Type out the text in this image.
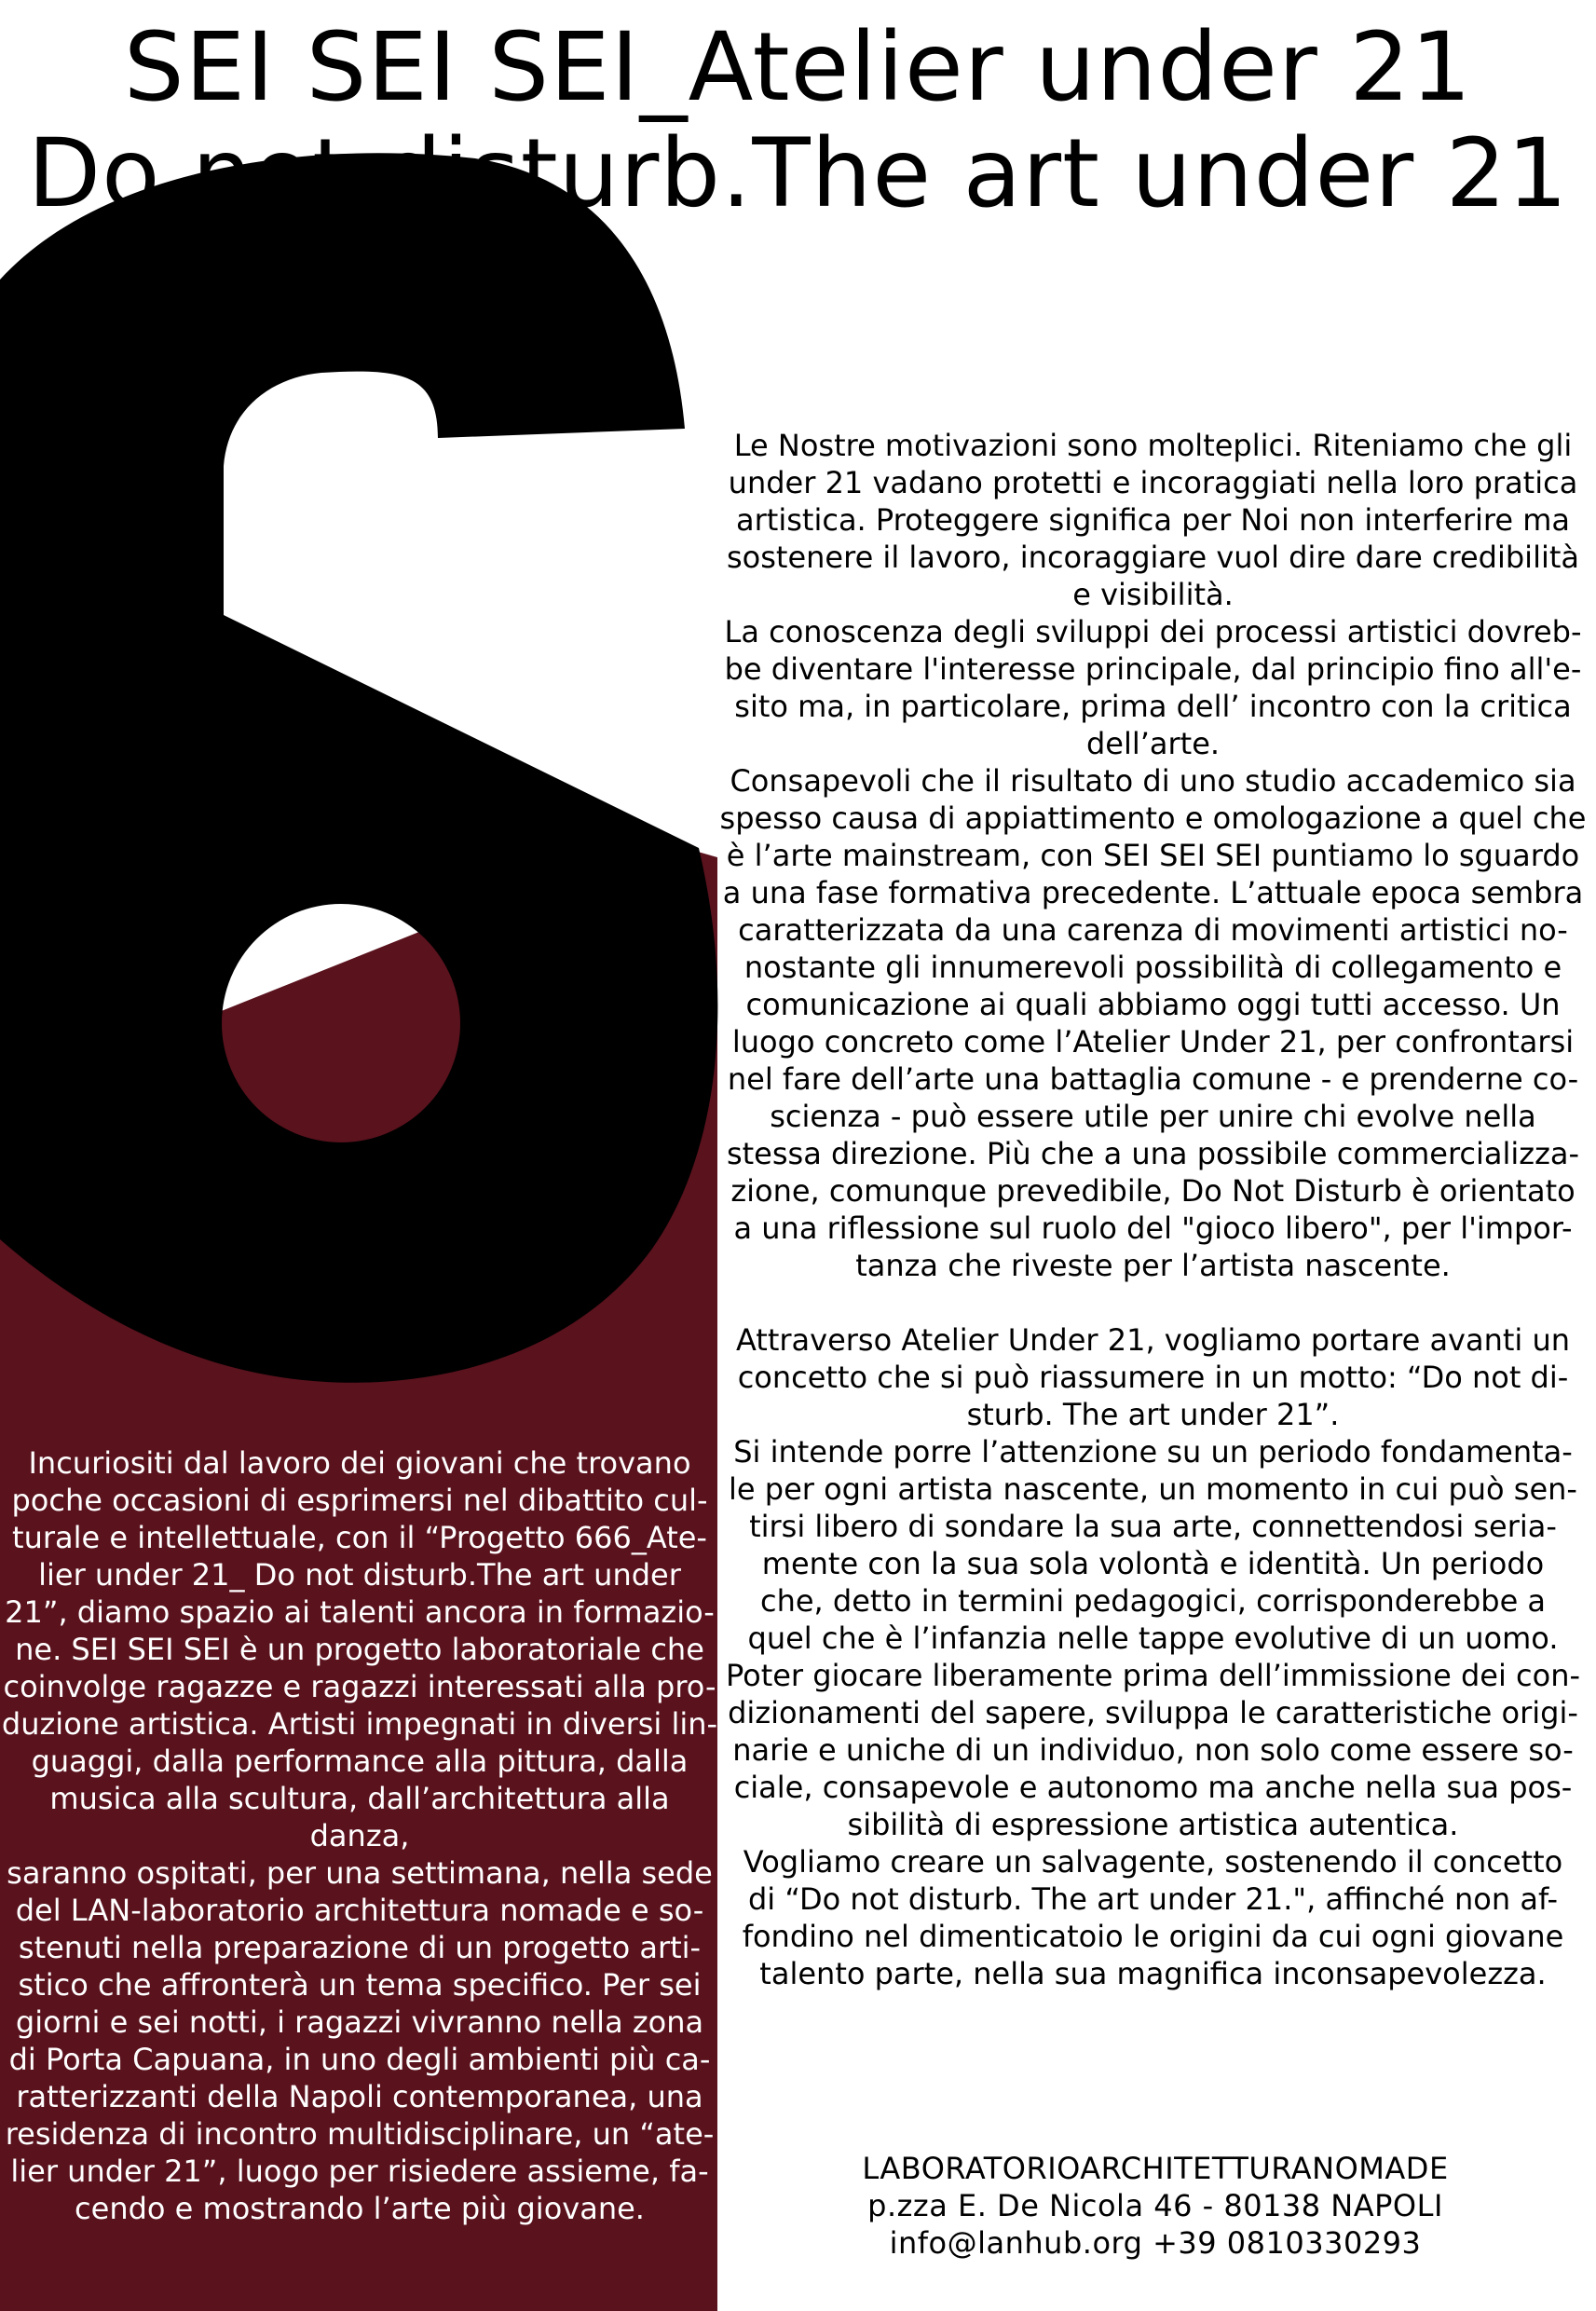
SEI SEI SEI_Atelier under 21
Do not disturb.The art under 21

Le Nostre motivazioni sono molteplici. Riteniamo che gli
under 21 vadano protetti e incoraggiati nella loro pratica
artistica. Proteggere significa per Noi non interferire ma
sostenere il lavoro, incoraggiare vuol dire dare credibilità
e visibilità.
La conoscenza degli sviluppi dei processi artistici dovreb-
be diventare l'interesse principale, dal principio fino all'e-
sito ma, in particolare, prima dell’ incontro con la critica
dell’arte.
Consapevoli che il risultato di uno studio accademico sia
spesso causa di appiattimento e omologazione a quel che
è l’arte mainstream, con SEI SEI SEI puntiamo lo sguardo
a una fase formativa precedente. L’attuale epoca sembra
caratterizzata da una carenza di movimenti artistici no-
nostante gli innumerevoli possibilità di collegamento e
comunicazione ai quali abbiamo oggi tutti accesso. Un
luogo concreto come l’Atelier Under 21, per confrontarsi
nel fare dell’arte una battaglia comune - e prenderne co-
scienza - può essere utile per unire chi evolve nella
stessa direzione. Più che a una possibile commercializza-
zione, comunque prevedibile, Do Not Disturb è orientato
a una riflessione sul ruolo del "gioco libero", per l'impor-
tanza che riveste per l’artista nascente.

Attraverso Atelier Under 21, vogliamo portare avanti un
concetto che si può riassumere in un motto: “Do not di-
sturb. The art under 21”.
Si intende porre l’attenzione su un periodo fondamenta-
le per ogni artista nascente, un momento in cui può sen-
tirsi libero di sondare la sua arte, connettendosi seria-
mente con la sua sola volontà e identità. Un periodo
che, detto in termini pedagogici, corrisponderebbe a
quel che è l’infanzia nelle tappe evolutive di un uomo.
Poter giocare liberamente prima dell’immissione dei con-
dizionamenti del sapere, sviluppa le caratteristiche origi-
narie e uniche di un individuo, non solo come essere so-
ciale, consapevole e autonomo ma anche nella sua pos-
sibilità di espressione artistica autentica.
Vogliamo creare un salvagente, sostenendo il concetto
di “Do not disturb. The art under 21.", affinché non af-
fondino nel dimenticatoio le origini da cui ogni giovane
talento parte, nella sua magnifica inconsapevolezza.

Incuriositi dal lavoro dei giovani che trovano
poche occasioni di esprimersi nel dibattito cul-
turale e intellettuale, con il “Progetto 666_Ate-
lier under 21_ Do not disturb.The art under
21”, diamo spazio ai talenti ancora in formazio-
ne. SEI SEI SEI è un progetto laboratoriale che
coinvolge ragazze e ragazzi interessati alla pro-
duzione artistica. Artisti impegnati in diversi lin-
guaggi, dalla performance alla pittura, dalla
musica alla scultura, dall’architettura alla danza,
saranno ospitati, per una settimana, nella sede
del LAN-laboratorio architettura nomade e so-
stenuti nella preparazione di un progetto arti-
stico che affronterà un tema specifico. Per sei
giorni e sei notti, i ragazzi vivranno nella zona
di Porta Capuana, in uno degli ambienti più ca-
ratterizzanti della Napoli contemporanea, una
residenza di incontro multidisciplinare, un “ate-
lier under 21”, luogo per risiedere assieme, fa-
cendo e mostrando l’arte più giovane.

LABORATORIOARCHITETTURANOMADE

p.zza E. De Nicola 46 - 80138 NAPOLI

info@lanhub.org +39 0810330293
